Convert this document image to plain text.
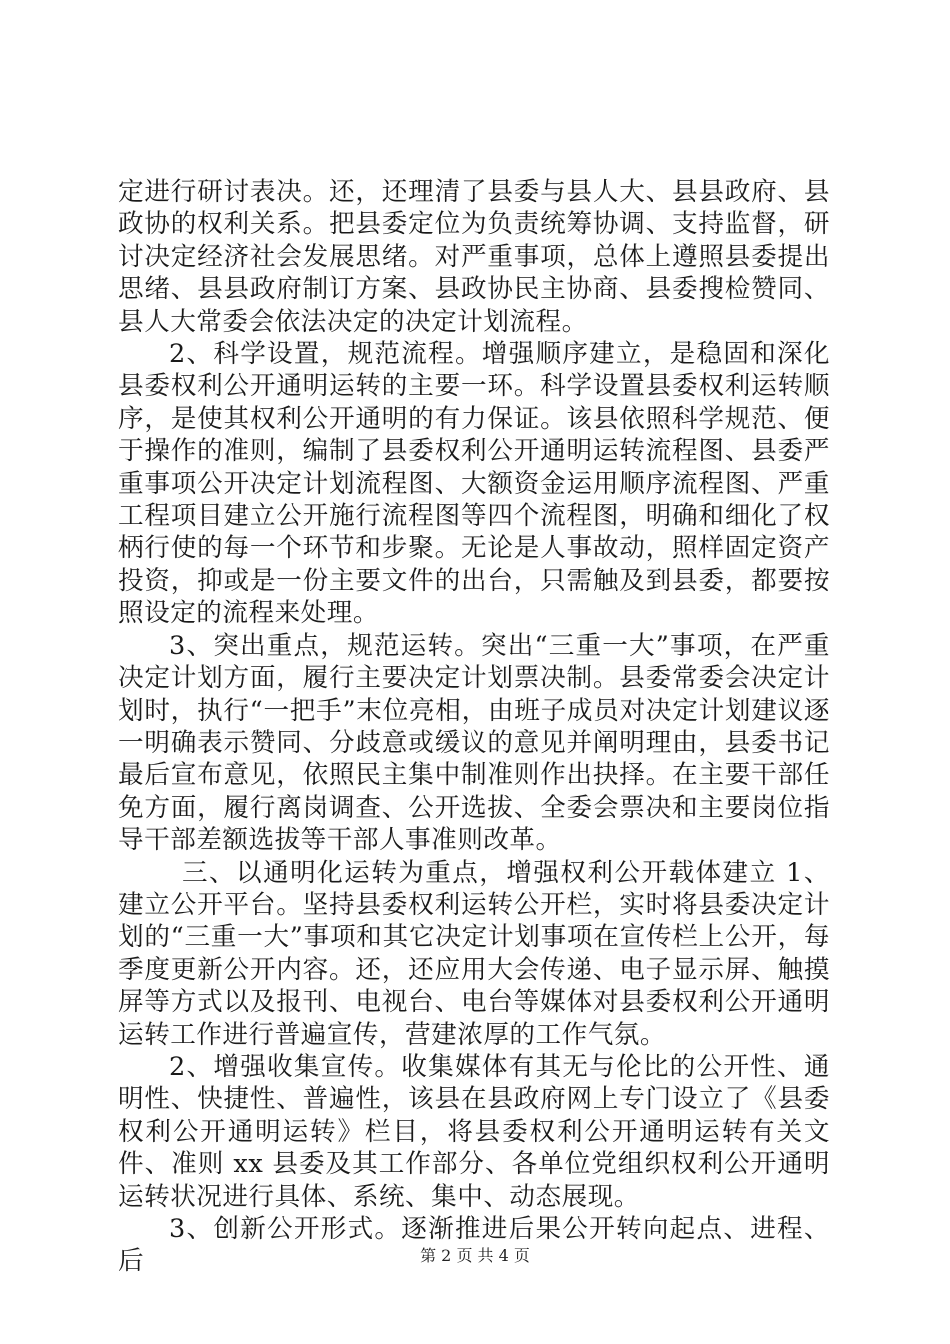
定进行研讨表决。还，还理清了县委与县人大、县县政府、县政协的权利关系。把县委定位为负责统筹协调、支持监督，研讨决定经济社会发展思绪。对严重事项，总体上遵照县委提出思绪、县县政府制订方案、县政协民主协商、县委搜检赞同、县人大常委会依法决定的决定计划流程。

2、科学设置，规范流程。增强顺序建立，是稳固和深化县委权利公开通明运转的主要一环。科学设置县委权利运转顺序，是使其权利公开通明的有力保证。该县依照科学规范、便于操作的准则，编制了县委权利公开通明运转流程图、县委严重事项公开决定计划流程图、大额资金运用顺序流程图、严重工程项目建立公开施行流程图等四个流程图，明确和细化了权柄行使的每一个环节和步聚。无论是人事故动，照样固定资产投资，抑或是一份主要文件的出台，只需触及到县委，都要按照设定的流程来处理。

3、突出重点，规范运转。突出“三重一大”事项，在严重决定计划方面，履行主要决定计划票决制。县委常委会决定计划时，执行“一把手”末位亮相，由班子成员对决定计划建议逐一明确表示赞同、分歧意或缓议的意见并阐明理由，县委书记最后宣布意见，依照民主集中制准则作出抉择。在主要干部任免方面，履行离岗调查、公开选拔、全委会票决和主要岗位指导干部差额选拔等干部人事准则改革。

三、以通明化运转为重点，增强权利公开载体建立 1、建立公开平台。坚持县委权利运转公开栏，实时将县委决定计划的“三重一大”事项和其它决定计划事项在宣传栏上公开，每季度更新公开内容。还，还应用大会传递、电子显示屏、触摸屏等方式以及报刊、电视台、电台等媒体对县委权利公开通明运转工作进行普遍宣传，营建浓厚的工作气氛。

2、增强收集宣传。收集媒体有其无与伦比的公开性、通明性、快捷性、普遍性，该县在县政府网上专门设立了《县委权利公开通明运转》栏目，将县委权利公开通明运转有关文件、准则 xx 县委及其工作部分、各单位党组织权利公开通明运转状况进行具体、系统、集中、动态展现。

3、创新公开形式。逐渐推进后果公开转向起点、进程、后	第 2 页 共 4 页
